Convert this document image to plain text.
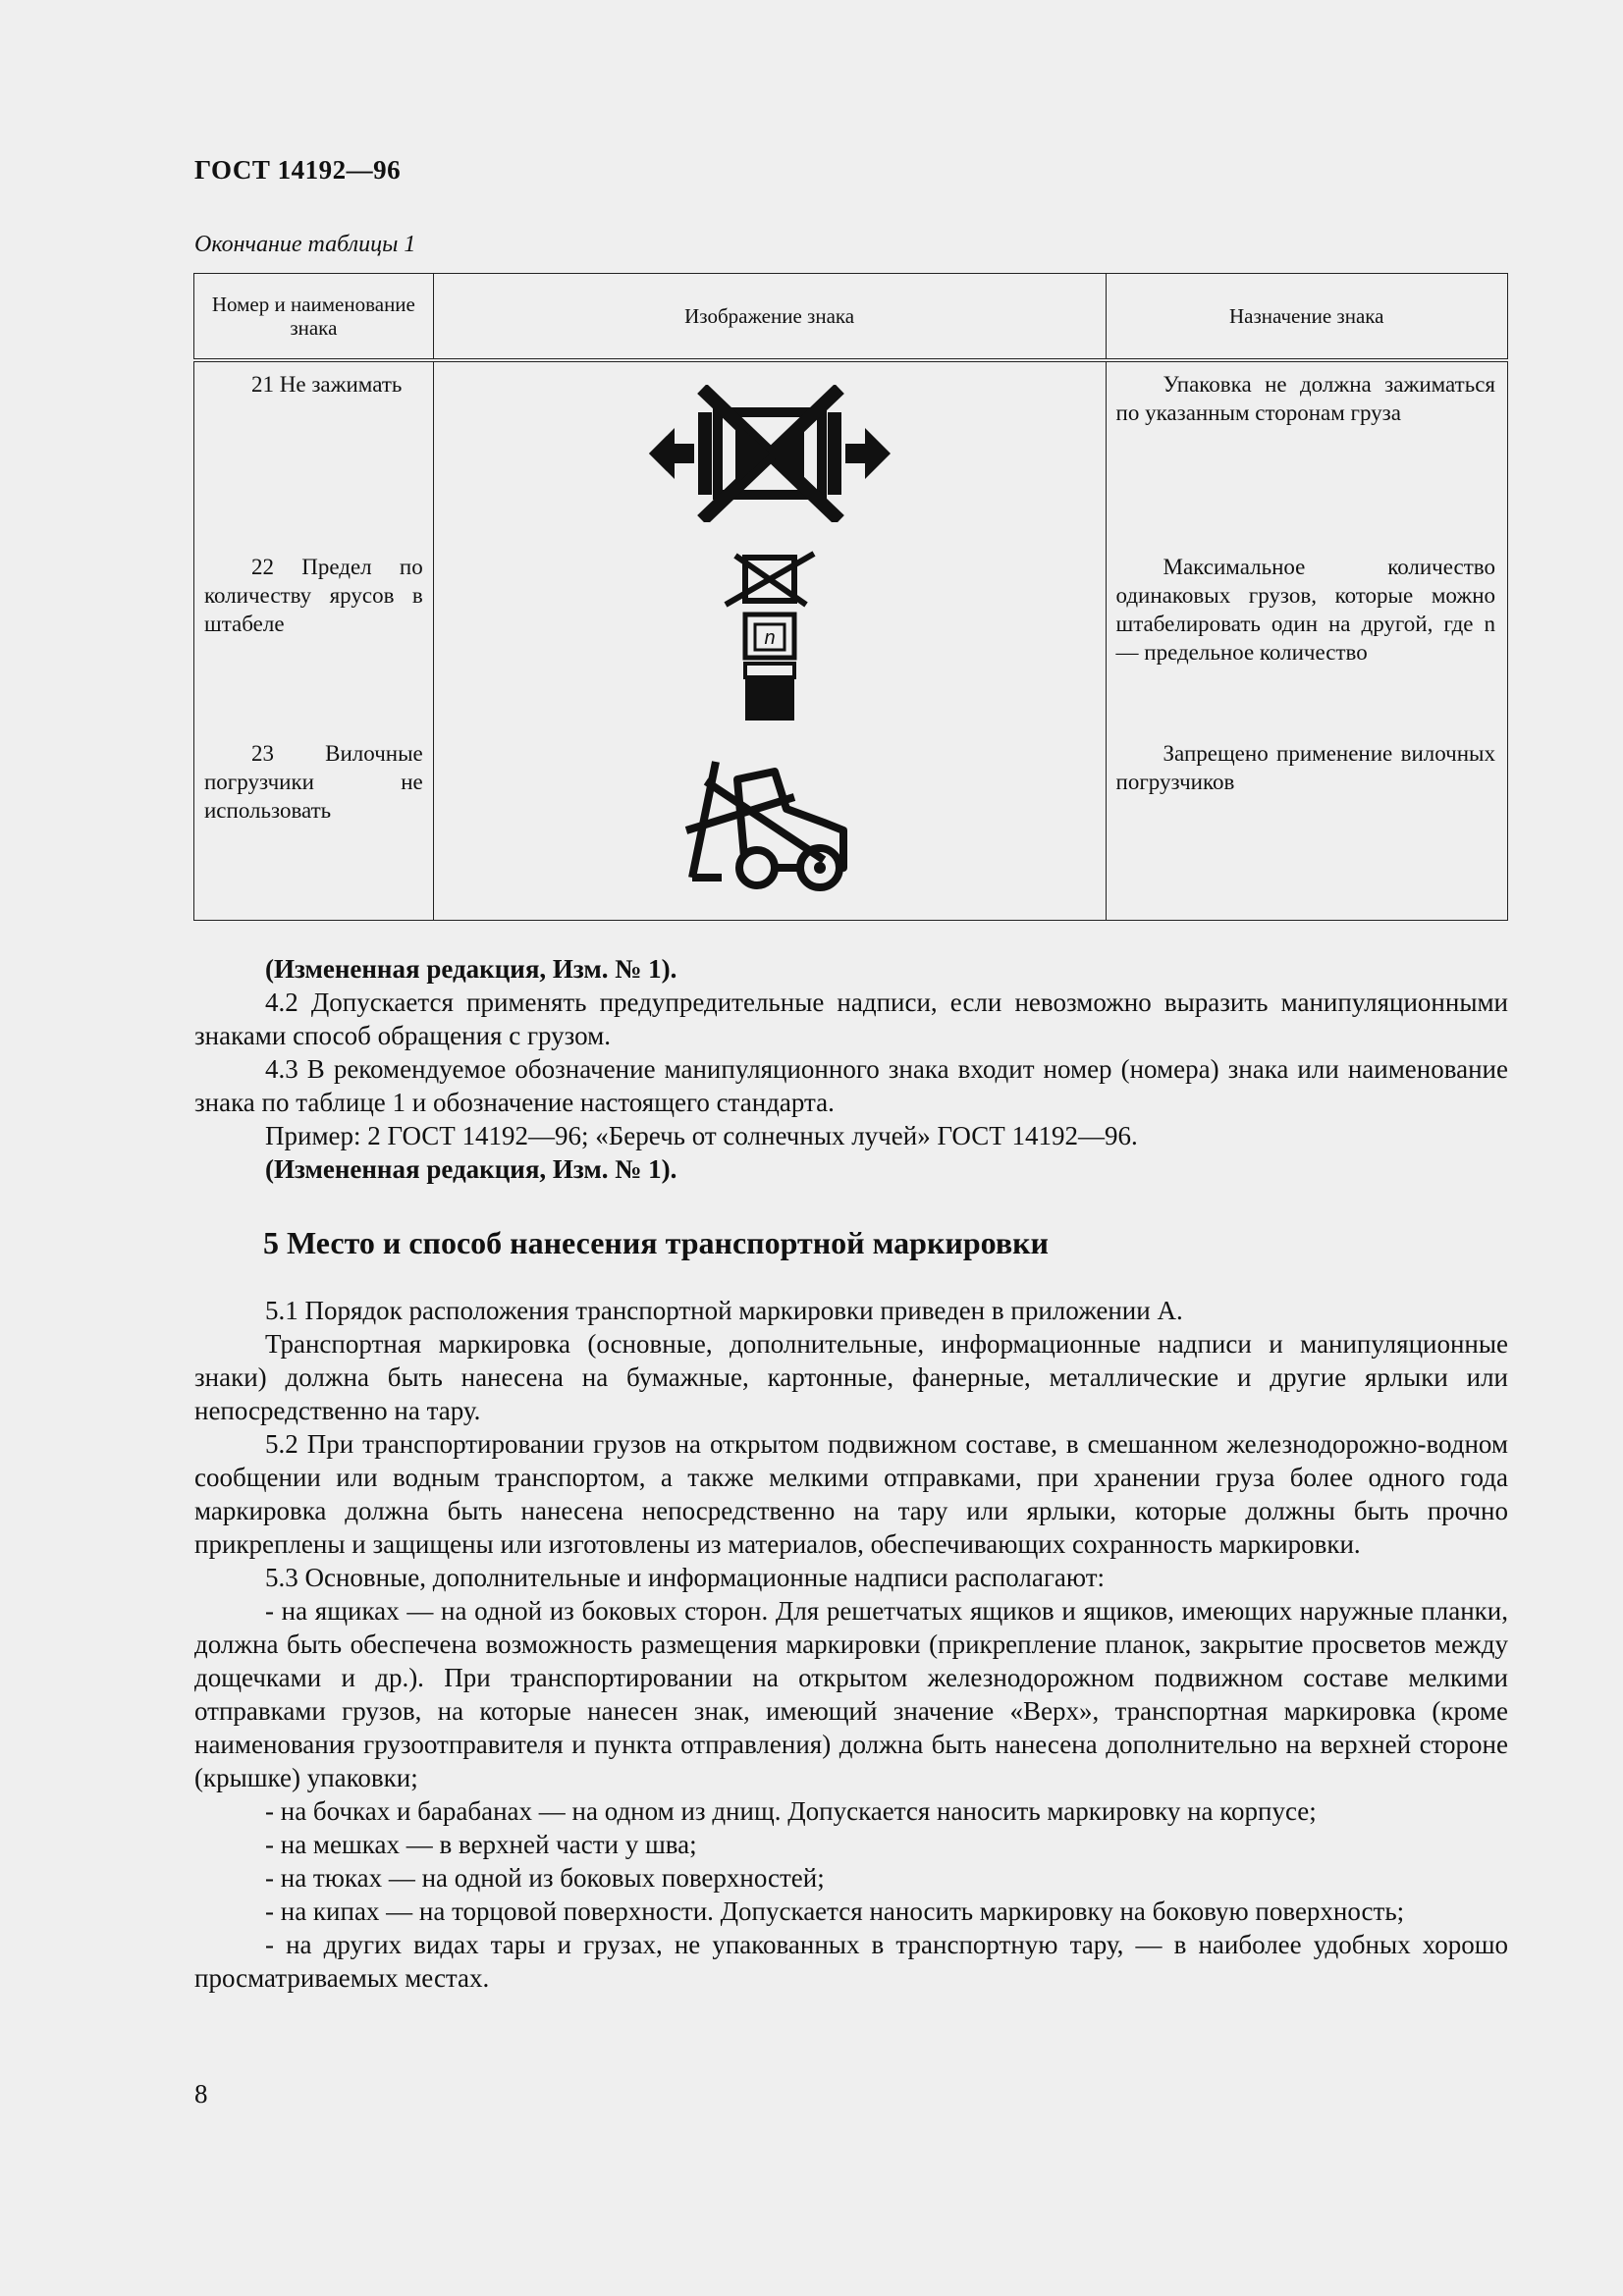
ГОСТ 14192—96
Окончание таблицы 1
Номер и наименование знака	Изображение знака	Назначение знака

21 Не зажимать		Упаковка не должна зажиматься по указанным сторонам груза

22 Предел по количеству ярусов в штабеле	n	Максимальное количество одинаковых грузов, которые можно штабелировать один на другой, где n — предельное количество

23 Вилочные погрузчики не использовать		Запрещено применение вилочных погрузчиков

(Измененная редакция, Изм. № 1).

4.2 Допускается применять предупредительные надписи, если невозможно выразить манипуляционными знаками способ обращения с грузом.

4.3 В рекомендуемое обозначение манипуляционного знака входит номер (номера) знака или наименование знака по таблице 1 и обозначение настоящего стандарта.

Пример: 2 ГОСТ 14192—96; «Беречь от солнечных лучей» ГОСТ 14192—96.

(Измененная редакция, Изм. № 1).

5 Место и способ нанесения транспортной маркировки

5.1 Порядок расположения транспортной маркировки приведен в приложении А.

Транспортная маркировка (основные, дополнительные, информационные надписи и манипуляционные знаки) должна быть нанесена на бумажные, картонные, фанерные, металлические и другие ярлыки или непосредственно на тару.

5.2 При транспортировании грузов на открытом подвижном составе, в смешанном железнодорожно-водном сообщении или водным транспортом, а также мелкими отправками, при хранении груза более одного года маркировка должна быть нанесена непосредственно на тару или ярлыки, которые должны быть прочно прикреплены и защищены или изготовлены из материалов, обеспечивающих сохранность маркировки.

5.3 Основные, дополнительные и информационные надписи располагают:

- на ящиках — на одной из боковых сторон. Для решетчатых ящиков и ящиков, имеющих наружные планки, должна быть обеспечена возможность размещения маркировки (прикрепление планок, закрытие просветов между дощечками и др.). При транспортировании на открытом железнодорожном подвижном составе мелкими отправками грузов, на которые нанесен знак, имеющий значение «Верх», транспортная маркировка (кроме наименования грузоотправителя и пункта отправления) должна быть нанесена дополнительно на верхней стороне (крышке) упаковки;

- на бочках и барабанах — на одном из днищ. Допускается наносить маркировку на корпусе;

- на мешках — в верхней части у шва;

- на тюках — на одной из боковых поверхностей;

- на кипах — на торцовой поверхности. Допускается наносить маркировку на боковую поверхность;

- на других видах тары и грузах, не упакованных в транспортную тару, — в наиболее удобных хорошо просматриваемых местах.

8
